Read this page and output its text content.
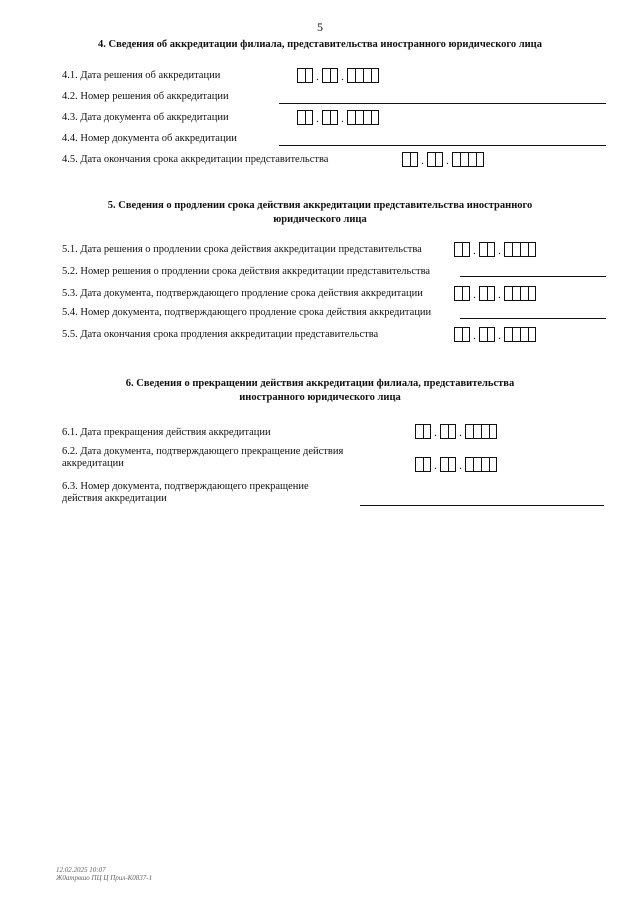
5
4. Сведения об аккредитации филиала, представительства иностранного юридического лица
4.1. Дата решения об аккредитации	. .
4.2. Номер решения об аккредитации
4.3. Дата документа об аккредитации	. .
4.4. Номер документа об аккредитации
4.5. Дата окончания срока аккредитации представительства	. .
5. Сведения о продлении срока действия аккредитации представительства иностранного
юридического лица
5.1. Дата решения о продлении срока действия аккредитации представительства	. .
5.2. Номер решения о продлении срока действия аккредитации представительства
5.3. Дата документа, подтверждающего продление срока действия аккредитации	. .
5.4. Номер документа, подтверждающего продление срока действия аккредитации
5.5. Дата окончания срока продления аккредитации представительства	. .
6. Сведения о прекращении действия аккредитации филиала, представительства
иностранного юридического лица
6.1. Дата прекращения действия аккредитации	. .
6.2. Дата документа, подтверждающего прекращение действия аккредитации	. .
6.3. Номер документа, подтверждающего прекращение действия аккредитации
12.02.2025 10:07
Ж0атрвшо ПЦ Ц Прил-К0837-1
